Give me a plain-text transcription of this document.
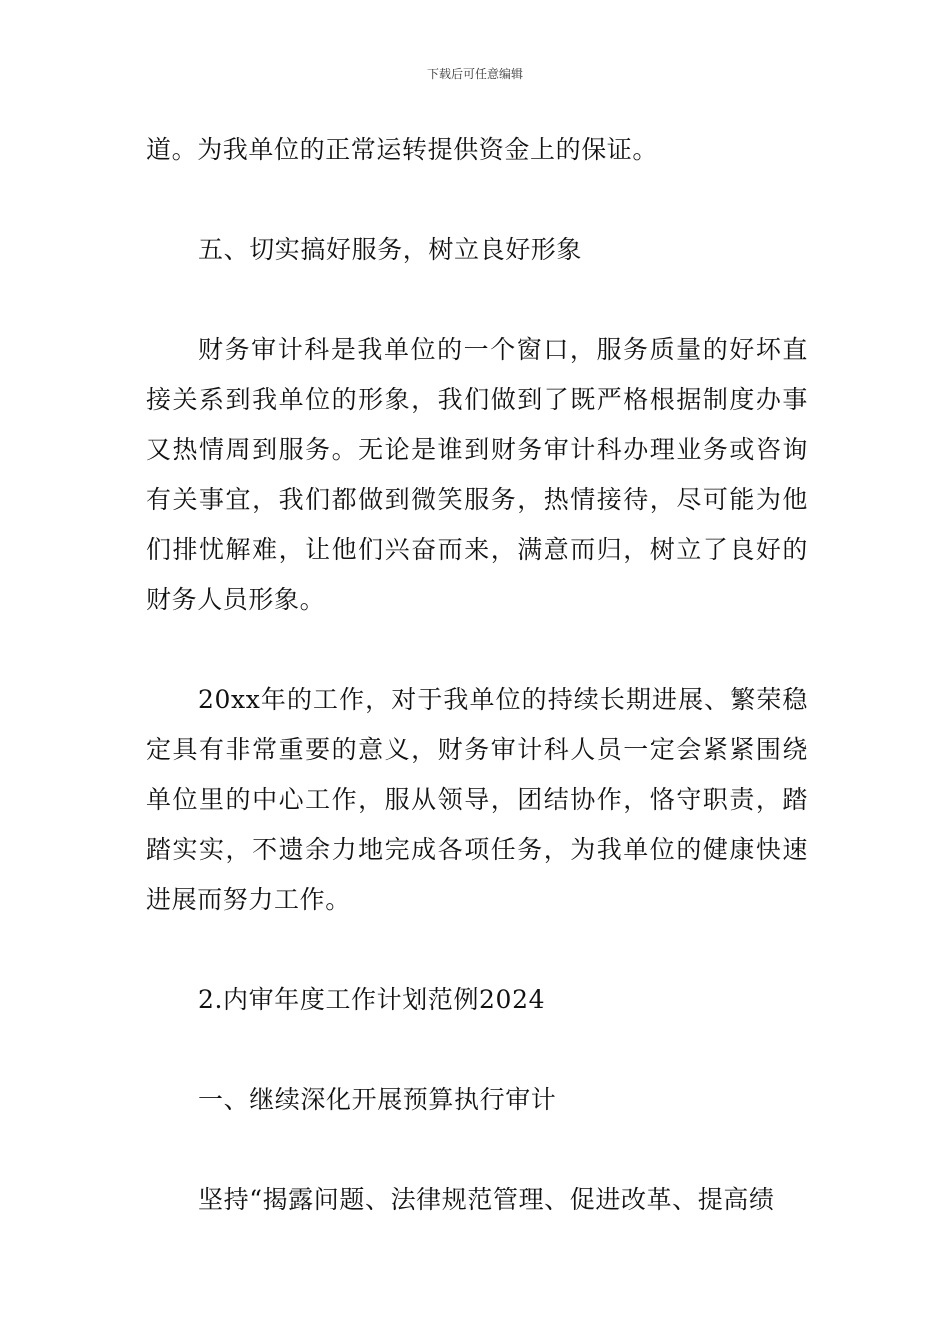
下载后可任意编辑

道。为我单位的正常运转提供资金上的保证。

五、切实搞好服务，树立良好形象

财务审计科是我单位的一个窗口，服务质量的好坏直接关系到我单位的形象，我们做到了既严格根据制度办事又热情周到服务。无论是谁到财务审计科办理业务或咨询有关事宜，我们都做到微笑服务，热情接待，尽可能为他们排忧解难，让他们兴奋而来，满意而归，树立了良好的财务人员形象。

20xx年的工作，对于我单位的持续长期进展、繁荣稳定具有非常重要的意义，财务审计科人员一定会紧紧围绕单位里的中心工作，服从领导，团结协作，恪守职责，踏踏实实，不遗余力地完成各项任务，为我单位的健康快速进展而努力工作。

2.内审年度工作计划范例2024

一、继续深化开展预算执行审计

坚持“揭露问题、法律规范管理、促进改革、提高绩
